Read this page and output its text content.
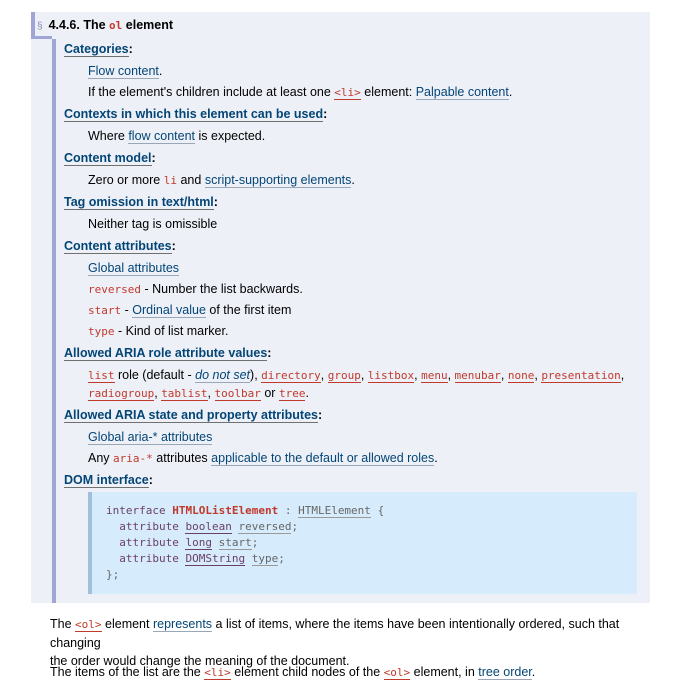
§ 4.4.6. The ol element
Categories:
Flow content.
If the element's children include at least one <li> element: Palpable content.
Contexts in which this element can be used:
Where flow content is expected.
Content model:
Zero or more li and script-supporting elements.
Tag omission in text/html:
Neither tag is omissible
Content attributes:
Global attributes
reversed - Number the list backwards.
start - Ordinal value of the first item
type - Kind of list marker.
Allowed ARIA role attribute values:
list role (default - do not set), directory, group, listbox, menu, menubar, none, presentation,
radiogroup, tablist, toolbar or tree.
Allowed ARIA state and property attributes:
Global aria-* attributes
Any aria-* attributes applicable to the default or allowed roles.
DOM interface:
interface HTMLOListElement : HTMLElement {
attribute boolean reversed;
attribute long start;
attribute DOMString type;
};
The <ol> element represents a list of items, where the items have been intentionally ordered, such that changing
the order would change the meaning of the document.
The items of the list are the <li> element child nodes of the <ol> element, in tree order.
